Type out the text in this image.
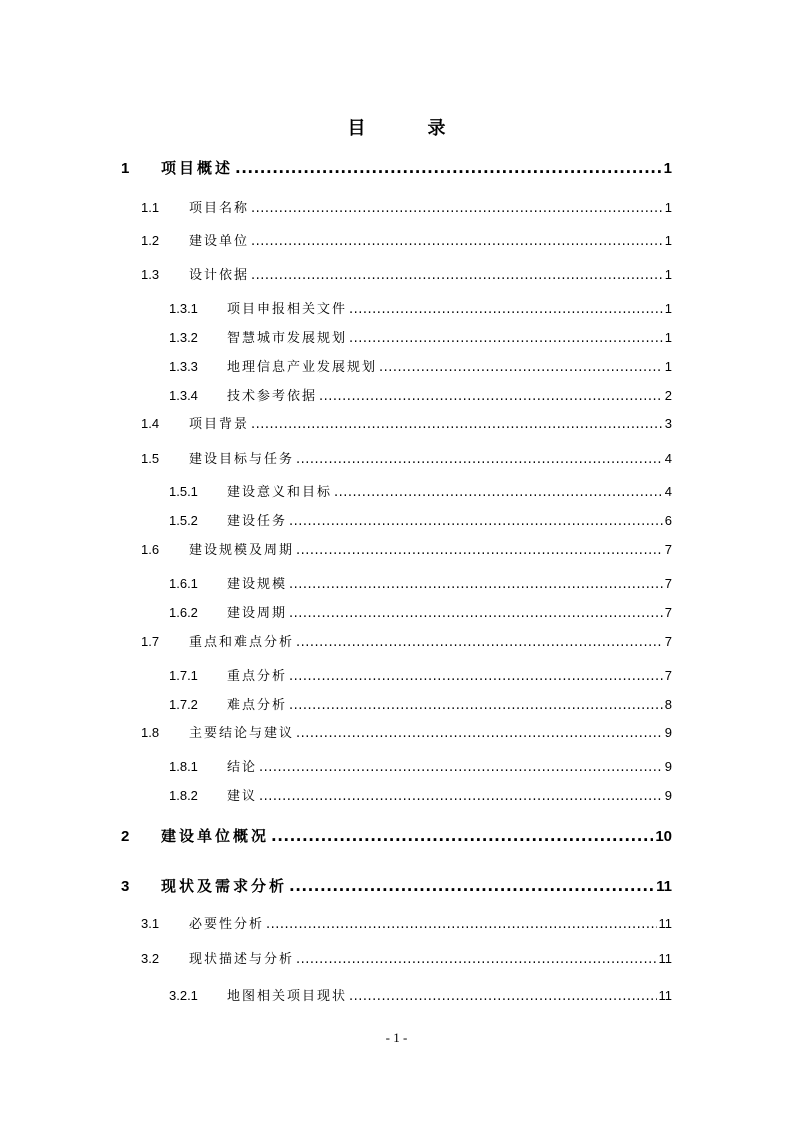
目　录
1	项目概述 .....	1
1.1	项目名称 .....	1
1.2	建设单位 .....	1
1.3	设计依据 .....	1
1.3.1	项目申报相关文件 .....	1
1.3.2	智慧城市发展规划 .....	1
1.3.3	地理信息产业发展规划 .....	1
1.3.4	技术参考依据 .....	2
1.4	项目背景 .....	3
1.5	建设目标与任务 .....	4
1.5.1	建设意义和目标 .....	4
1.5.2	建设任务 .....	6
1.6	建设规模及周期 .....	7
1.6.1	建设规模 .....	7
1.6.2	建设周期 .....	7
1.7	重点和难点分析 .....	7
1.7.1	重点分析 .....	7
1.7.2	难点分析 .....	8
1.8	主要结论与建议 .....	9
1.8.1	结论 .....	9
1.8.2	建议 .....	9
2	建设单位概况 .....	10
3	现状及需求分析 .....	11
3.1	必要性分析 .....	11
3.2	现状描述与分析 .....	11
3.2.1	地图相关项目现状 .....	11
- 1 -
